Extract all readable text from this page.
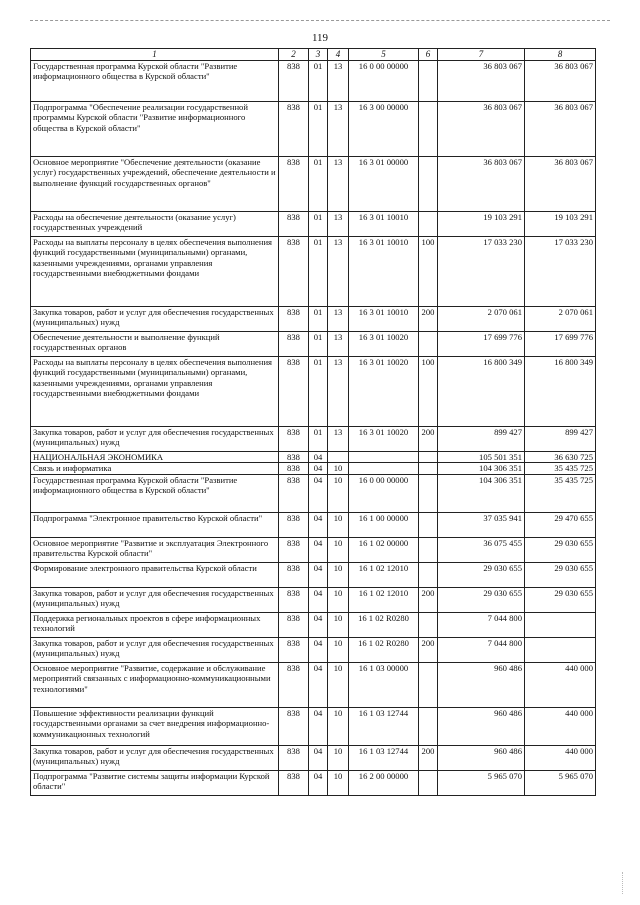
119
1	2	3	4	5	6	7	8
Государственная программа Курской области "Развитие информационного общества в Курской области"	838	01	13	16 0 00 00000		36 803 067	36 803 067
Подпрограмма "Обеспечение реализации государственной программы Курской области "Развитие информационного общества в Курской области"	838	01	13	16 3 00 00000		36 803 067	36 803 067
Основное мероприятие "Обеспечение деятельности (оказание услуг) государственных учреждений, обеспечение деятельности и выполнение функций государственных органов"	838	01	13	16 3 01 00000		36 803 067	36 803 067
Расходы на обеспечение деятельности (оказание услуг) государственных учреждений	838	01	13	16 3 01 10010		19 103 291	19 103 291
Расходы на выплаты персоналу в целях обеспечения выполнения функций государственными (муниципальными) органами, казенными учреждениями, органами управления государственными внебюджетными фондами	838	01	13	16 3 01 10010	100	17 033 230	17 033 230
Закупка товаров, работ и услуг для обеспечения государственных (муниципальных) нужд	838	01	13	16 3 01 10010	200	2 070 061	2 070 061
Обеспечение деятельности и выполнение функций государственных органов	838	01	13	16 3 01 10020		17 699 776	17 699 776
Расходы на выплаты персоналу в целях обеспечения выполнения функций государственными (муниципальными) органами, казенными учреждениями, органами управления государственными внебюджетными фондами	838	01	13	16 3 01 10020	100	16 800 349	16 800 349
Закупка товаров, работ и услуг для обеспечения государственных (муниципальных) нужд	838	01	13	16 3 01 10020	200	899 427	899 427
НАЦИОНАЛЬНАЯ ЭКОНОМИКА	838	04				105 501 351	36 630 725
Связь и информатика	838	04	10			104 306 351	35 435 725
Государственная программа Курской области "Развитие информационного общества в Курской области"	838	04	10	16 0 00 00000		104 306 351	35 435 725
Подпрограмма "Электронное правительство Курской области"	838	04	10	16 1 00 00000		37 035 941	29 470 655
Основное мероприятие "Развитие и эксплуатация Электронного правительства Курской области"	838	04	10	16 1 02 00000		36 075 455	29 030 655
Формирование электронного правительства Курской области	838	04	10	16 1 02 12010		29 030 655	29 030 655
Закупка товаров, работ и услуг для обеспечения государственных (муниципальных) нужд	838	04	10	16 1 02 12010	200	29 030 655	29 030 655
Поддержка региональных проектов в сфере информационных технологий	838	04	10	16 1 02 R0280		7 044 800	
Закупка товаров, работ и услуг для обеспечения государственных (муниципальных) нужд	838	04	10	16 1 02 R0280	200	7 044 800	
Основное мероприятие "Развитие, содержание и обслуживание мероприятий связанных с информационно-коммуникационными технологиями"	838	04	10	16 1 03 00000		960 486	440 000
Повышение эффективности реализации функций государственными органами за счет внедрения информационно-коммуникационных технологий	838	04	10	16 1 03 12744		960 486	440 000
Закупка товаров, работ и услуг для обеспечения государственных (муниципальных) нужд	838	04	10	16 1 03 12744	200	960 486	440 000
Подпрограмма "Развитие системы защиты информации Курской области"	838	04	10	16 2 00 00000		5 965 070	5 965 070
